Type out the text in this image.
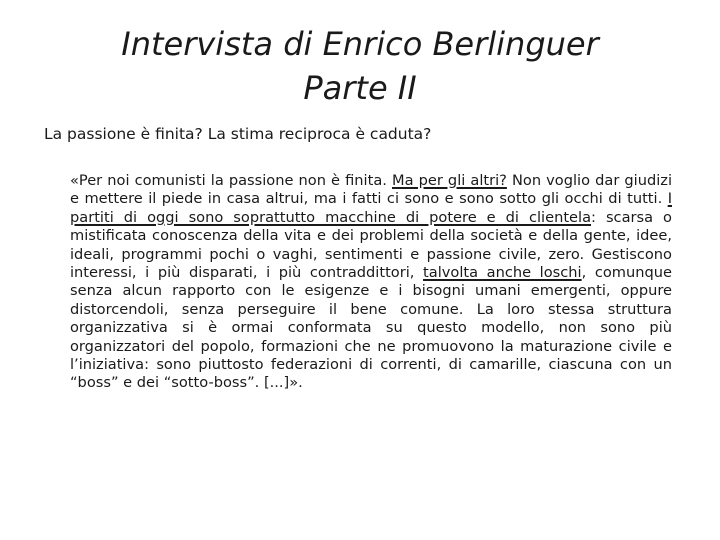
Intervista di Enrico Berlinguer
Parte II
La passione è finita? La stima reciproca è caduta?
«Per noi comunisti la passione non è finita. Ma per gli altri? Non voglio dar giudizi e mettere il piede in casa altrui, ma i fatti ci sono e sono sotto gli occhi di tutti. I partiti di oggi sono soprattutto macchine di potere e di clientela: scarsa o mistificata conoscenza della vita e dei problemi della società e della gente, idee, ideali, programmi pochi o vaghi, sentimenti e passione civile, zero. Gestiscono interessi, i più disparati, i più contraddittori, talvolta anche loschi, comunque senza alcun rapporto con le esigenze e i bisogni umani emergenti, oppure distorcendoli, senza perseguire il bene comune. La loro stessa struttura organizzativa si è ormai conformata su questo modello, non sono più organizzatori del popolo, formazioni che ne promuovono la maturazione civile e l’iniziativa: sono piuttosto federazioni di correnti, di camarille, ciascuna con un “boss” e dei “sotto-boss”. [...]».
